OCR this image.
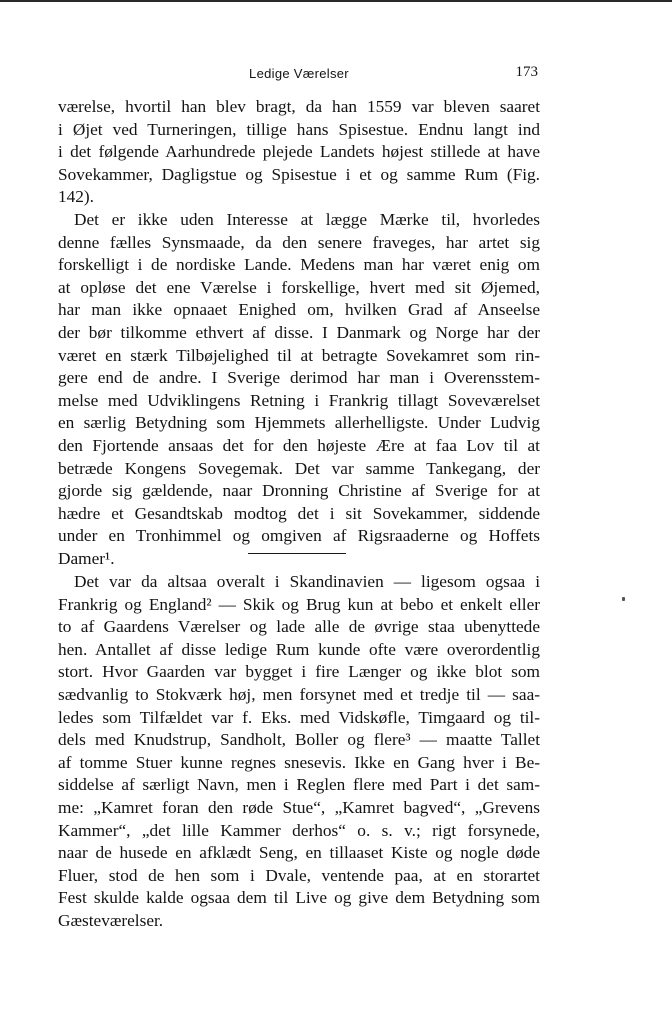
Ledige Værelser	173
værelse, hvortil han blev bragt, da han 1559 var bleven saaret
i Øjet ved Turneringen, tillige hans Spisestue. Endnu langt ind
i det følgende Aarhundrede plejede Landets højest stillede at have
Sovekammer, Dagligstue og Spisestue i et og samme Rum (Fig.
142).
Det er ikke uden Interesse at lægge Mærke til, hvorledes
denne fælles Synsmaade, da den senere fraveges, har artet sig
forskelligt i de nordiske Lande. Medens man har været enig om
at opløse det ene Værelse i forskellige, hvert med sit Øjemed,
har man ikke opnaaet Enighed om, hvilken Grad af Anseelse
der bør tilkomme ethvert af disse. I Danmark og Norge har der
været en stærk Tilbøjelighed til at betragte Sovekamret som rin-
gere end de andre. I Sverige derimod har man i Overensstem-
melse med Udviklingens Retning i Frankrig tillagt Soveværelset
en særlig Betydning som Hjemmets allerhelligste. Under Ludvig
den Fjortende ansaas det for den højeste Ære at faa Lov til at
betræde Kongens Sovegemak. Det var samme Tankegang, der
gjorde sig gældende, naar Dronning Christine af Sverige for at
hædre et Gesandtskab modtog det i sit Sovekammer, siddende
under en Tronhimmel og omgiven af Rigsraaderne og Hoffets
Damer¹.
Det var da altsaa overalt i Skandinavien — ligesom ogsaa i
Frankrig og England² — Skik og Brug kun at bebo et enkelt eller
to af Gaardens Værelser og lade alle de øvrige staa ubenyttede
hen. Antallet af disse ledige Rum kunde ofte være overordentlig
stort. Hvor Gaarden var bygget i fire Længer og ikke blot som
sædvanlig to Stokværk høj, men forsynet med et tredje til — saa-
ledes som Tilfældet var f. Eks. med Vidskøfle, Timgaard og til-
dels med Knudstrup, Sandholt, Boller og flere³ — maatte Tallet
af tomme Stuer kunne regnes snesevis. Ikke en Gang hver i Be-
siddelse af særligt Navn, men i Reglen flere med Part i det sam-
me: „Kamret foran den røde Stue“, „Kamret bagved“, „Grevens
Kammer“, „det lille Kammer derhos“ o. s. v.; rigt forsynede,
naar de husede en afklædt Seng, en tillaaset Kiste og nogle døde
Fluer, stod de hen som i Dvale, ventende paa, at en storartet
Fest skulde kalde ogsaa dem til Live og give dem Betydning som
Gæsteværelser.
